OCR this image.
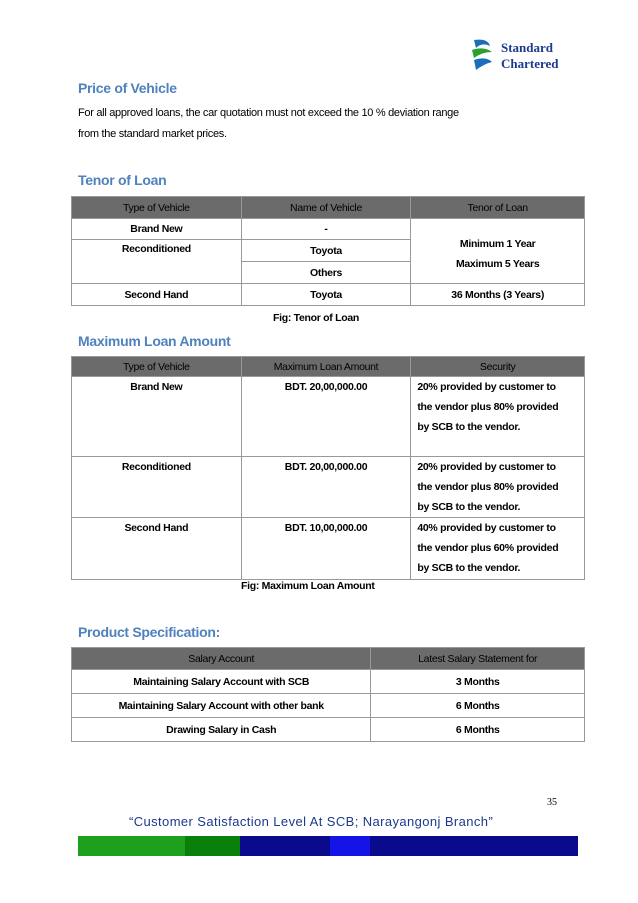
Standard
Chartered
Price of Vehicle
For all approved loans, the car quotation must not exceed the 10 % deviation range
from the standard market prices.
Tenor of Loan
Type of Vehicle	Name of Vehicle	Tenor of Loan
Brand New	-	Minimum 1 Year
Maximum 5 Years

Reconditioned	Toyota	
	Others	
Second Hand	Toyota	36 Months (3 Years)
Fig: Tenor of Loan
Maximum Loan Amount
Type of Vehicle	Maximum Loan Amount	Security
Brand New	BDT. 20,00,000.00	20% provided by customer to
the vendor plus 80% provided
by SCB to the vendor.

Reconditioned	BDT. 20,00,000.00	20% provided by customer to
the vendor plus 80% provided
by SCB to the vendor.

Second Hand	BDT. 10,00,000.00	40% provided by customer to
the vendor plus 60% provided
by SCB to the vendor.
Fig: Maximum Loan Amount
Product Specification:
Salary Account	Latest Salary Statement for
Maintaining Salary Account with SCB	3 Months
Maintaining Salary Account with other bank	6 Months
Drawing Salary in Cash	6 Months
35
“Customer Satisfaction Level At SCB; Narayangonj Branch”
